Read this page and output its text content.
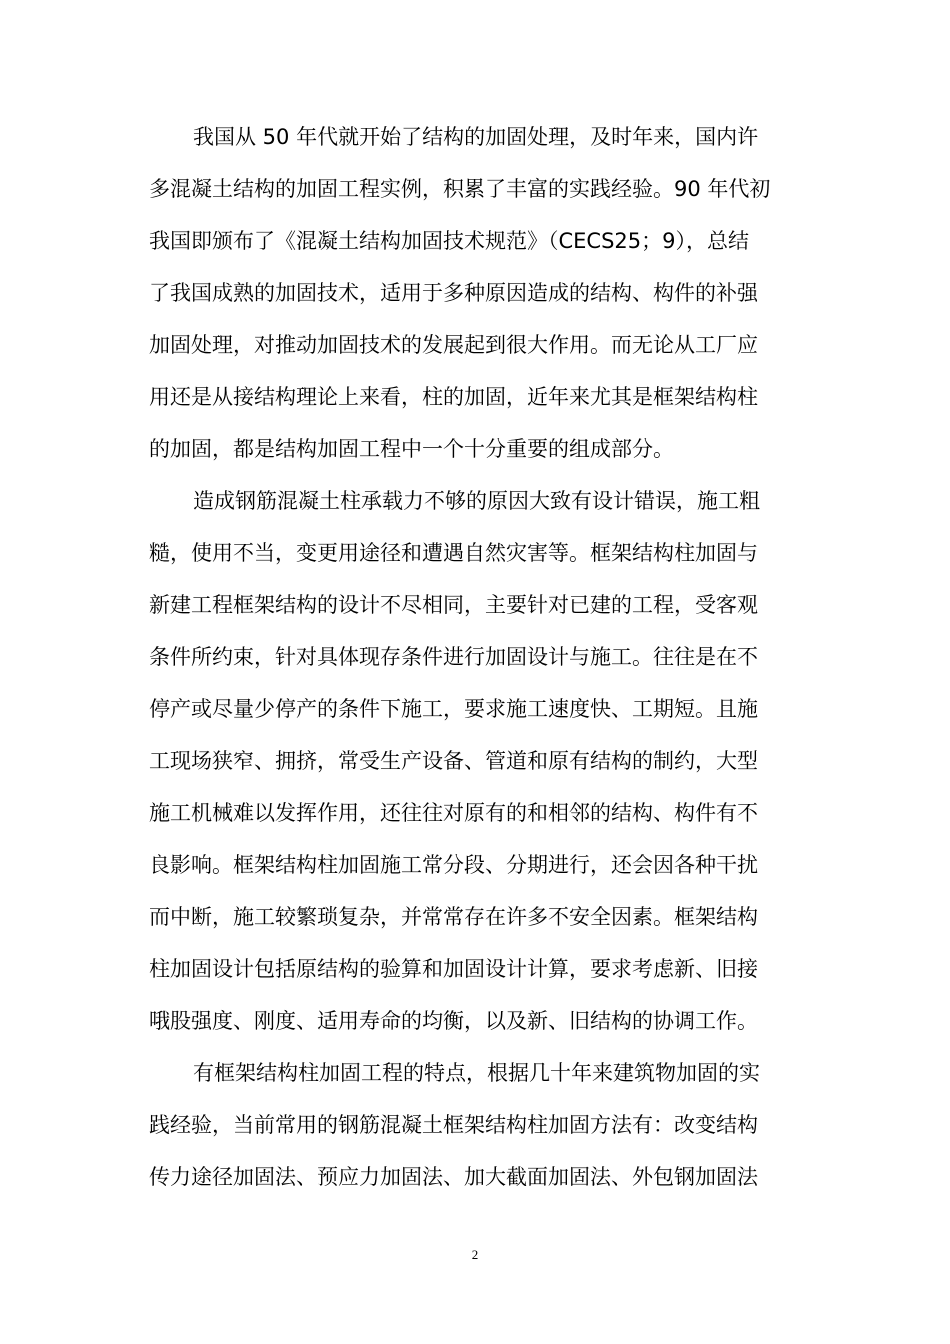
我国从 50 年代就开始了结构的加固处理，及时年来，国内许
多混凝土结构的加固工程实例，积累了丰富的实践经验。90 年代初
我国即颁布了《混凝土结构加固技术规范》（CECS25；9），总结
了我国成熟的加固技术，适用于多种原因造成的结构、构件的补强
加固处理，对推动加固技术的发展起到很大作用。而无论从工厂应
用还是从接结构理论上来看，柱的加固，近年来尤其是框架结构柱
的加固，都是结构加固工程中一个十分重要的组成部分。
造成钢筋混凝土柱承载力不够的原因大致有设计错误，施工粗
糙，使用不当，变更用途径和遭遇自然灾害等。框架结构柱加固与
新建工程框架结构的设计不尽相同，主要针对已建的工程，受客观
条件所约束，针对具体现存条件进行加固设计与施工。往往是在不
停产或尽量少停产的条件下施工，要求施工速度快、工期短。且施
工现场狭窄、拥挤，常受生产设备、管道和原有结构的制约，大型
施工机械难以发挥作用，还往往对原有的和相邻的结构、构件有不
良影响。框架结构柱加固施工常分段、分期进行，还会因各种干扰
而中断，施工较繁琐复杂，并常常存在许多不安全因素。框架结构
柱加固设计包括原结构的验算和加固设计计算，要求考虑新、旧接
哦股强度、刚度、适用寿命的均衡，以及新、旧结构的协调工作。
有框架结构柱加固工程的特点，根据几十年来建筑物加固的实
践经验，当前常用的钢筋混凝土框架结构柱加固方法有：改变结构
传力途径加固法、预应力加固法、加大截面加固法、外包钢加固法
2
